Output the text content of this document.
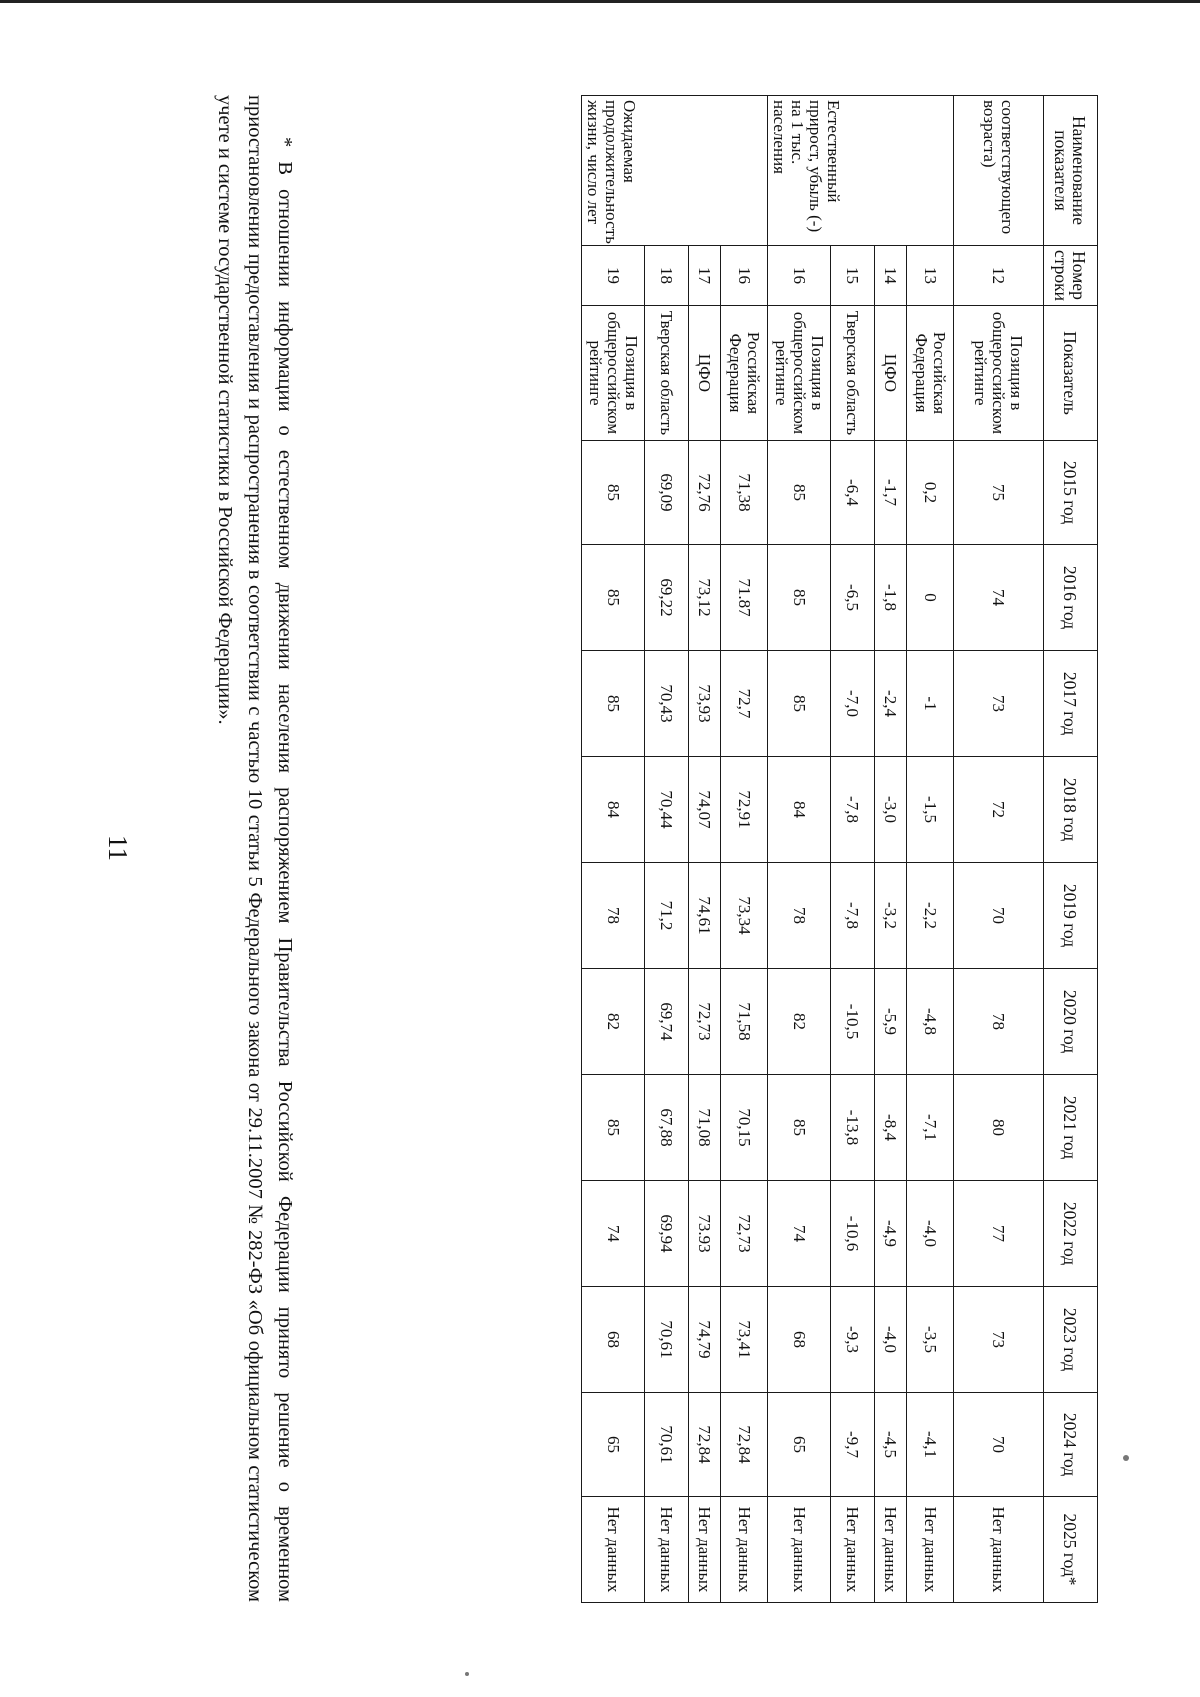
11
Наименование показателя	Номер строки	Показатель	2015 год	2016 год	2017 год	2018 год	2019 год	2020 год	2021 год	2022 год	2023 год	2024 год	2025 год*
соответствующего возраста)	12	Позиция в общероссийском рейтинге	75	74	73	72	70	78	80	77	73	70	Нет данных
Естественный прирост, убыль (-) на 1 тыс. населения	13	Российская Федерация	0,2	0	-1	-1,5	-2,2	-4,8	-7,1	-4,0	-3,5	-4,1	Нет данных
	14	ЦФО	-1,7	-1,8	-2,4	-3,0	-3,2	-5,9	-8,4	-4,9	-4,0	-4,5	Нет данных
	15	Тверская область	-6,4	-6,5	-7,0	-7,8	-7,8	-10,5	-13,8	-10,6	-9,3	-9,7	Нет данных
	16	Позиция в общероссийском рейтинге	85	85	85	84	78	82	85	74	68	65	Нет данных
Ожидаемая продолжительность жизни, число лет	16	Российская Федерация	71,38	71.87	72,7	72,91	73,34	71,58	70,15	72,73	73,41	72,84	Нет данных
	17	ЦФО	72,76	73,12	73,93	74,07	74,61	72,73	71,08	73.93	74,79	72,84	Нет данных
	18	Тверская область	69,09	69,22	70,43	70,44	71,2	69,74	67,88	69,94	70,61	70,61	Нет данных
	19	Позиция в общероссийском рейтинге	85	85	85	84	78	82	85	74	68	65	Нет данных

* В отношении информации о естественном движении населения распоряжением Правительства Российской Федерации принято решение о временном приостановлении предоставления и распространения в соответствии с частью 10 статьи 5 Федерального закона от 29.11.2007 № 282-ФЗ «Об официальном статистическом учете и системе государственной статистики в Российской Федерации».
